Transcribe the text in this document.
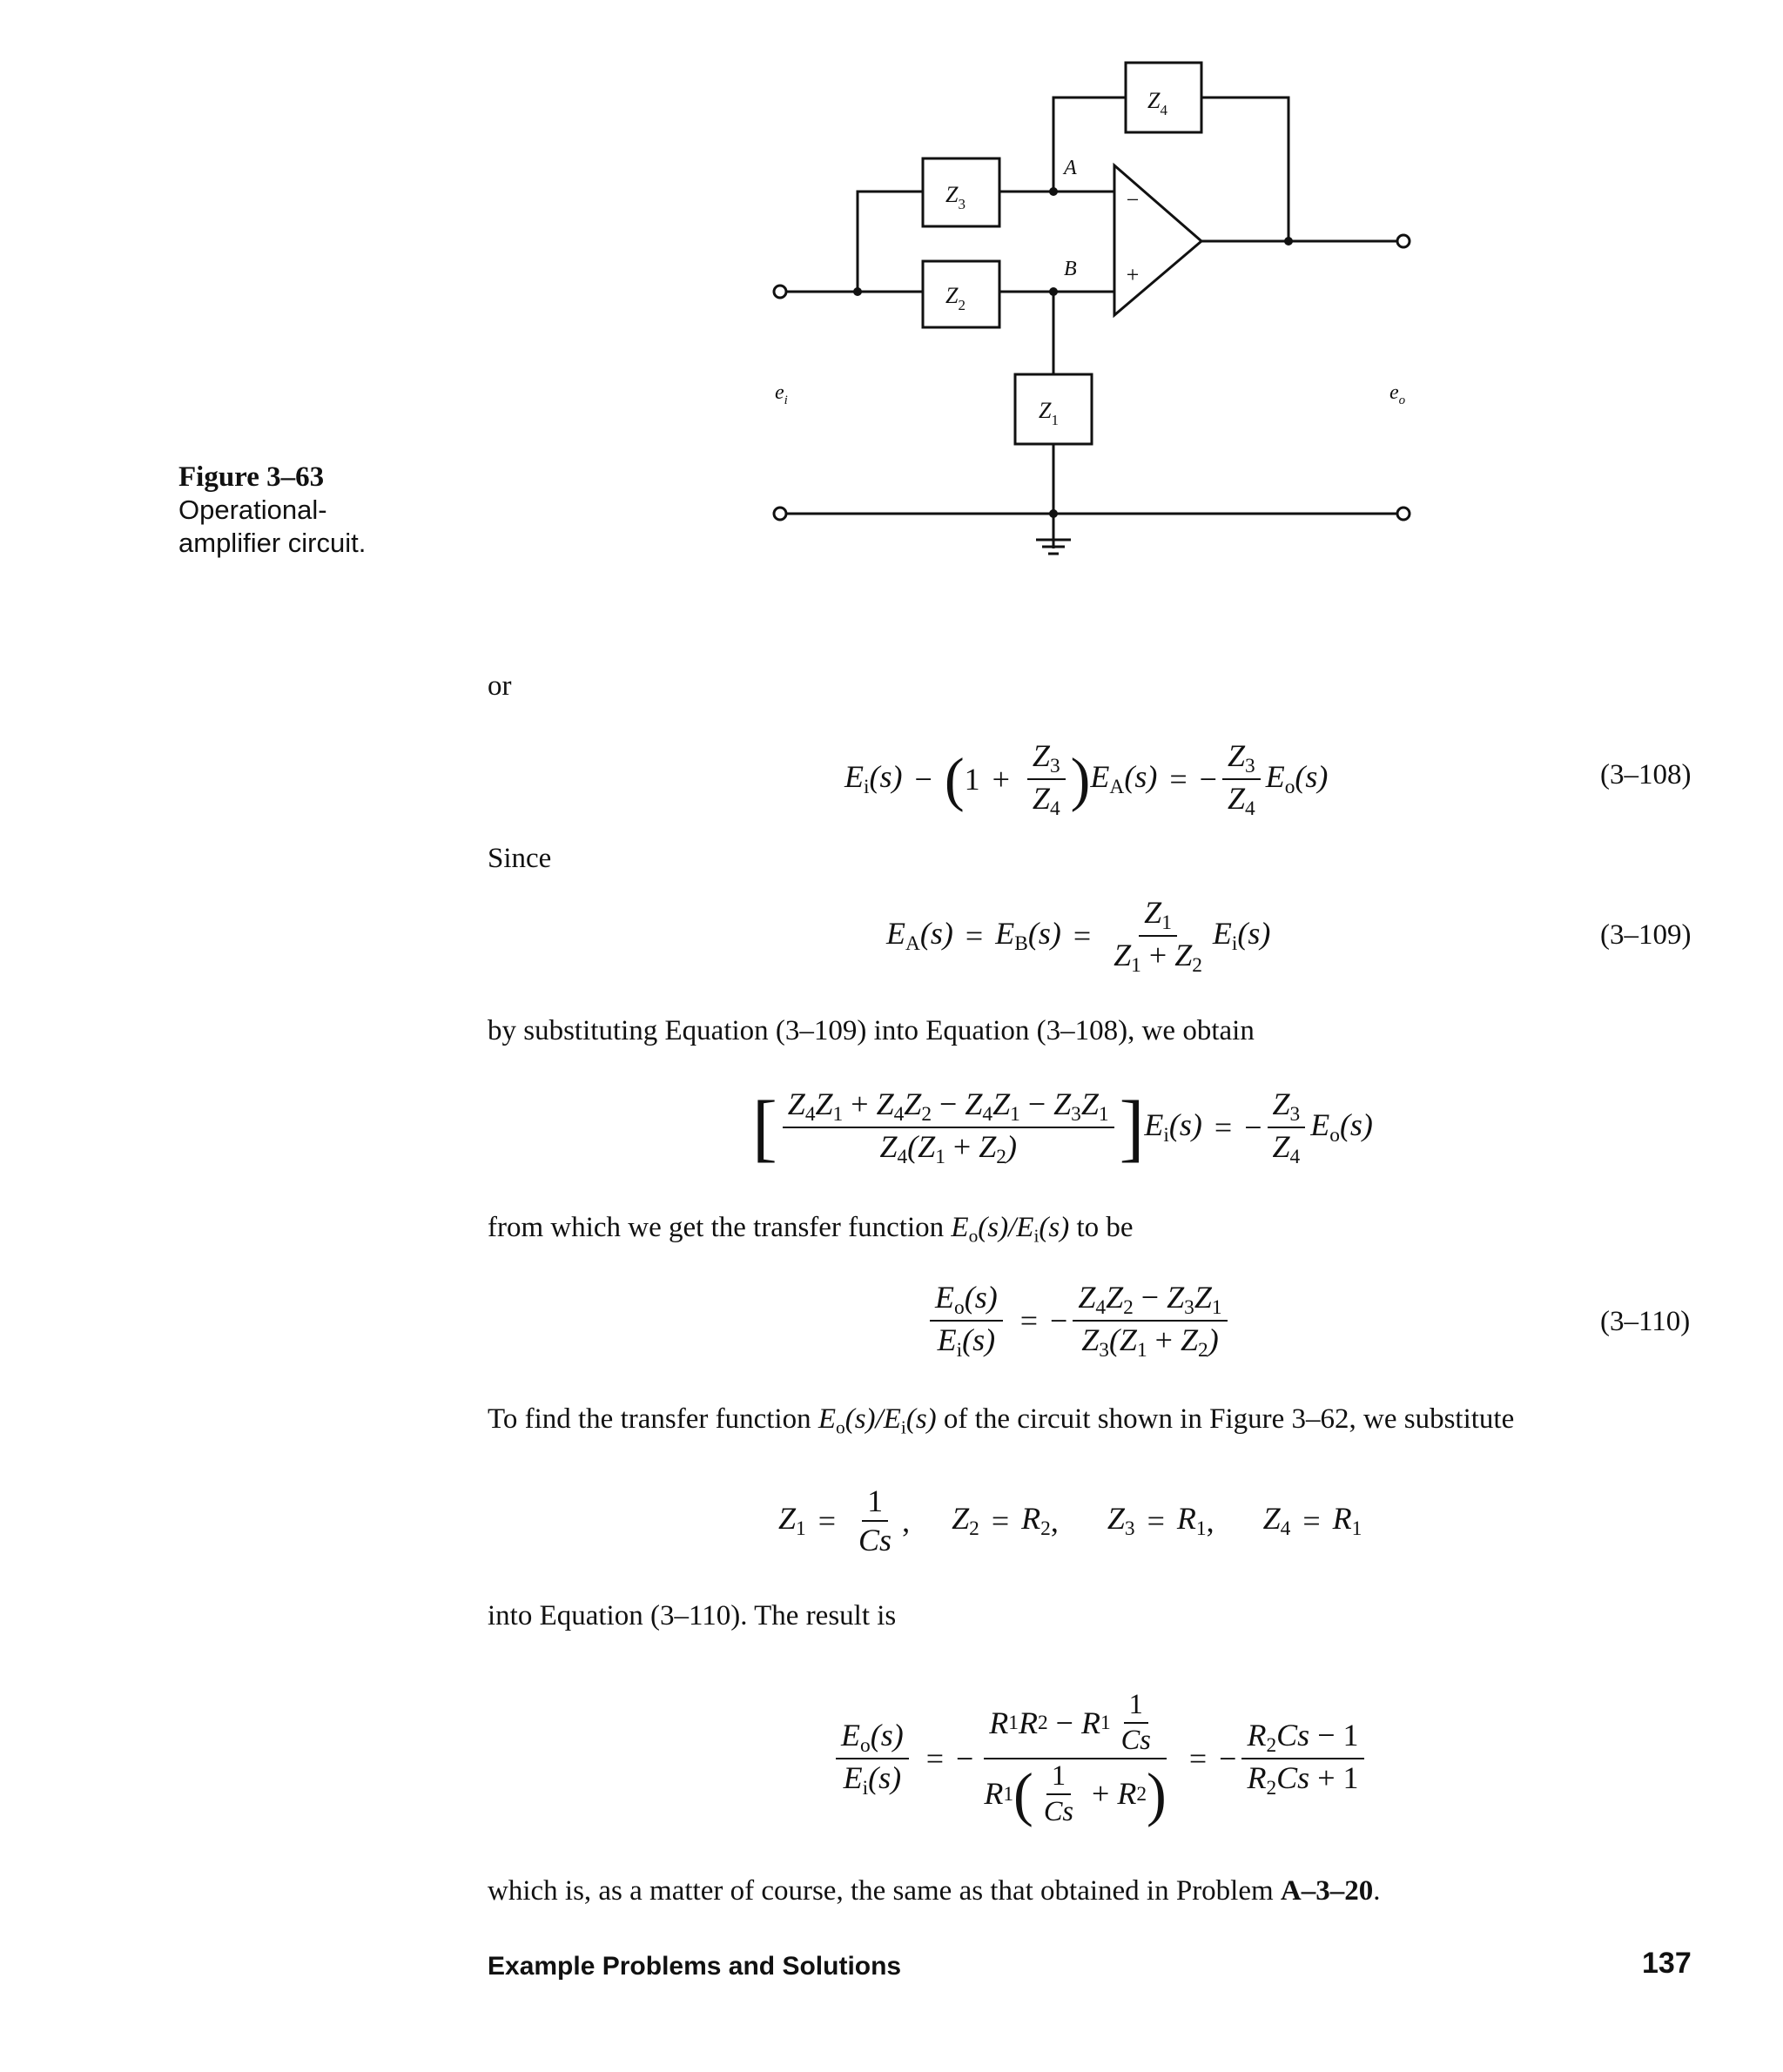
$Z_4$
$Z_3$
$Z_2$
$Z_1$
A
B
−
+
$e_i$	$e_o$
Figure 3–63
Operational-
amplifier circuit.
or
$E_i(s)$ − ( $1 + \frac{Z_3}{Z_4}$ ) $E_A(s)$ = − $\frac{Z_3}{Z_4} E_o(s)$	(3–108)
Since
$E_A(s) = E_B(s) = \frac{Z_1}{Z_1 + Z_2} E_i(s)$	(3–109)
by substituting Equation (3–109) into Equation (3–108), we obtain
[ $\frac{Z_4Z_1 + Z_4Z_2 - Z_4Z_1 - Z_3Z_1}{Z_4(Z_1 + Z_2)}$ ] $E_i(s)$ = − $\frac{Z_3}{Z_4} E_o(s)$
from which we get the transfer function $E_o(s)/E_i(s)$ to be
$\frac{E_o(s)}{E_i(s)}$ = − $\frac{Z_4Z_2 - Z_3Z_1}{Z_3(Z_1 + Z_2)}$	(3–110)
To find the transfer function $E_o(s)/E_i(s)$ of the circuit shown in Figure 3–62, we substitute
$Z_1 = \frac{1}{Cs}$ , $Z_2 = R_2$ , $Z_3 = R_1$ , $Z_4 = R_1$
into Equation (3–110). The result is
$\frac{E_o(s)}{E_i(s)}$ = − R 1 R 2
− R $1 \frac{1}{Cs}$
R 1 ( $\frac{1}{Cs}$
+ R 2 ) = − $\frac{R_2Cs - 1}{R_2Cs + 1}$
which is, as a matter of course, the same as that obtained in Problem A–3–20.
Example Problems and Solutions	137
